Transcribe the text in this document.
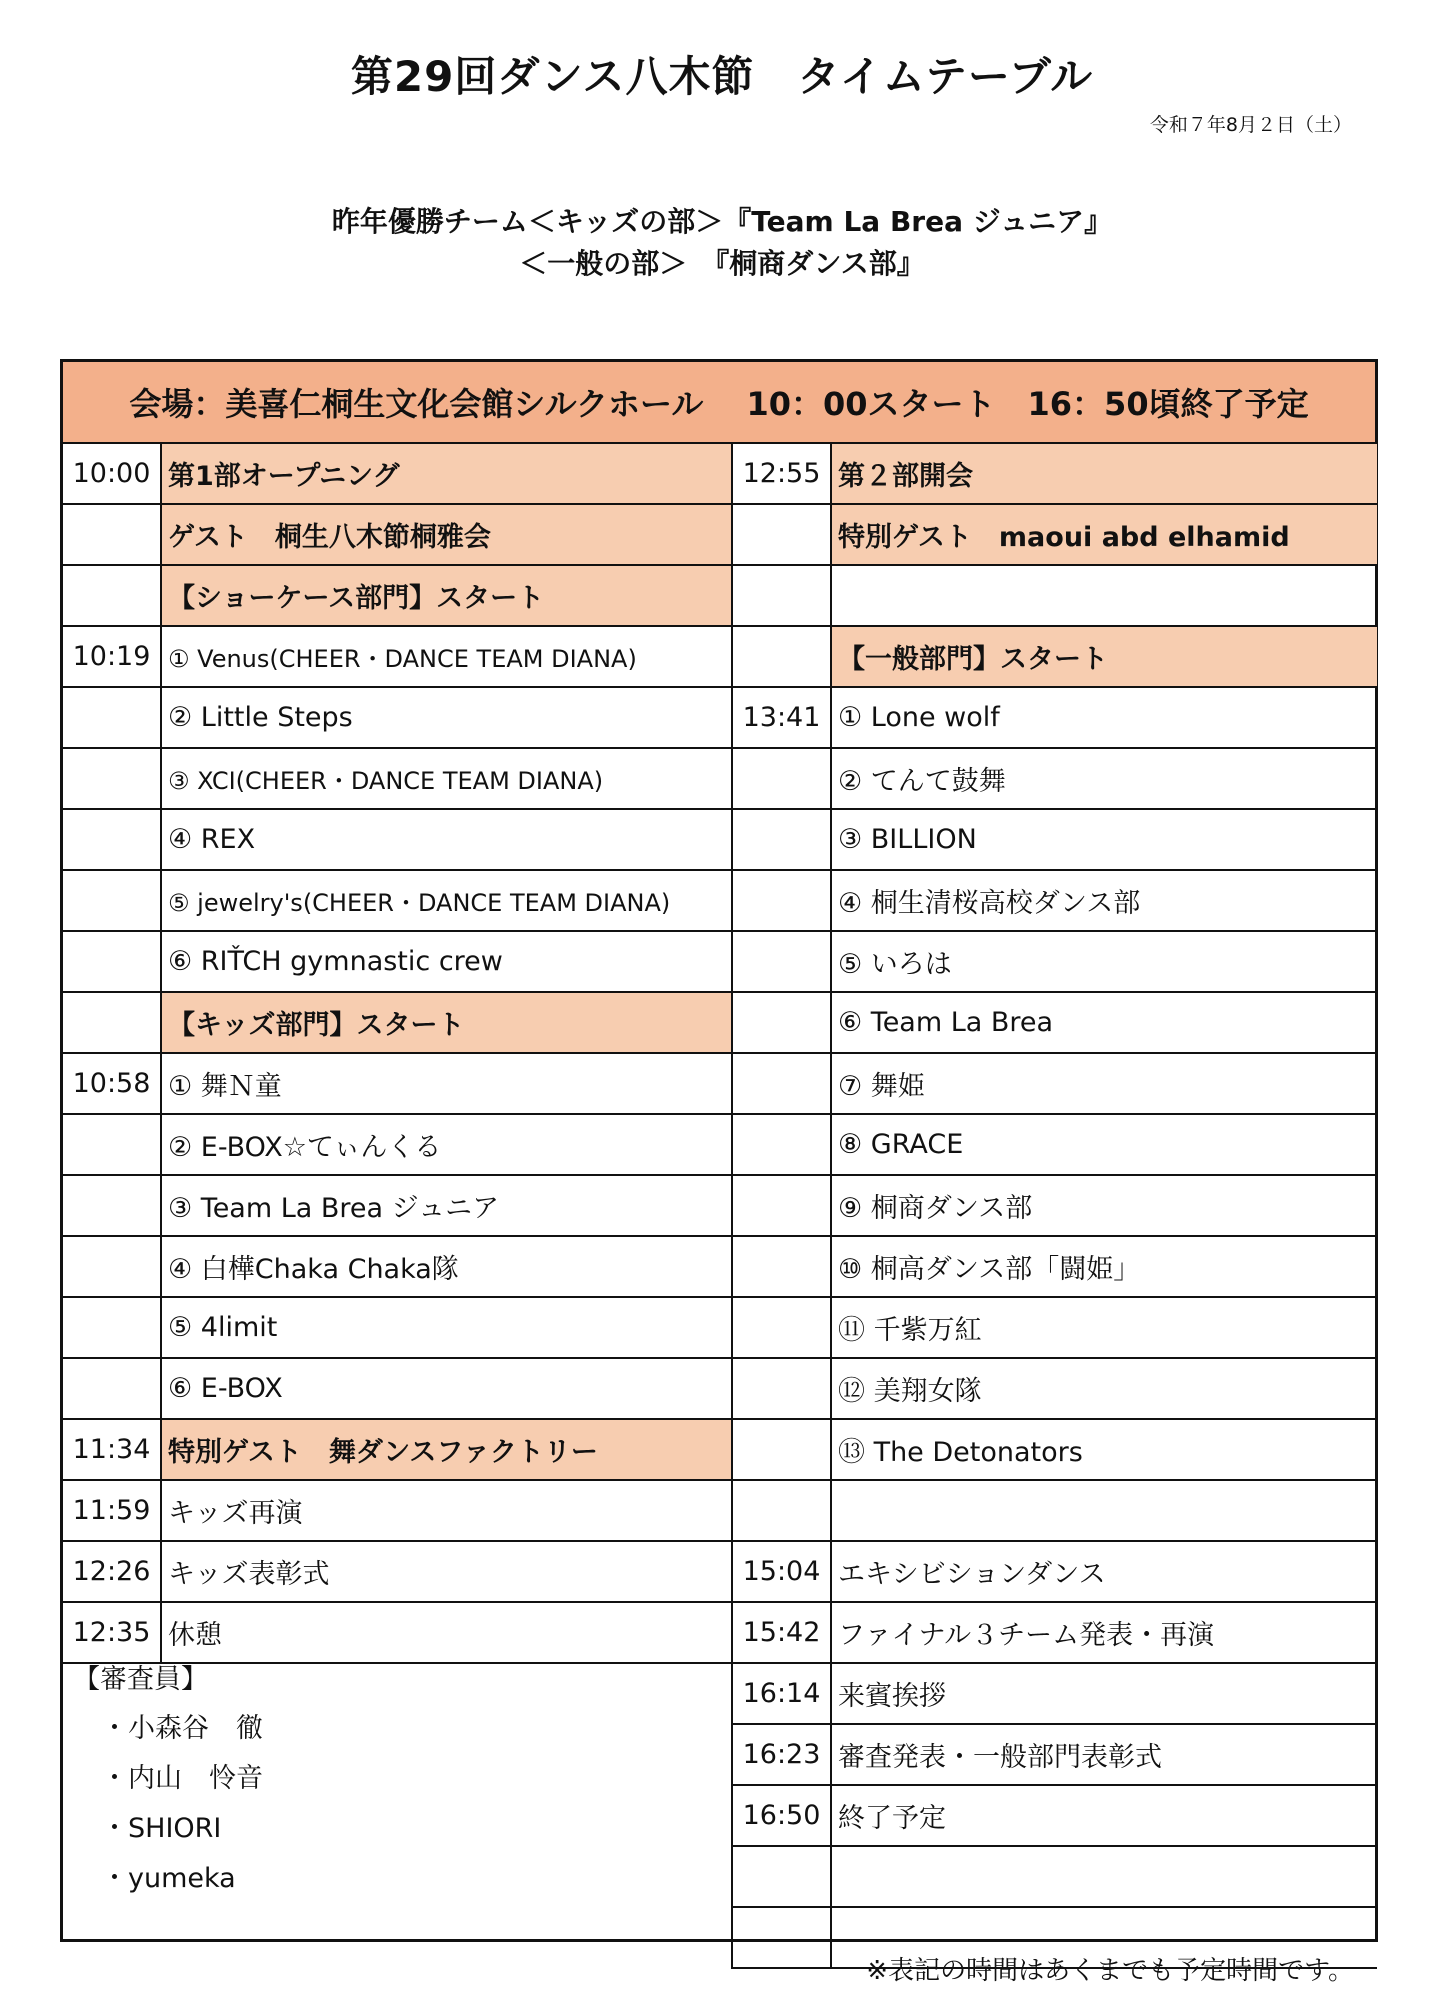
第29回ダンス八木節　タイムテーブル
令和７年8月２日（土）
昨年優勝チーム＜キッズの部＞『Team La Brea ジュニア』
＜一般の部＞　『桐商ダンス部』
会場：美喜仁桐生文化会館シルクホール　 10：00スタート　16：50頃終了予定
10:00 第1部オープニング
ゲスト　桐生八木節桐雅会
【ショーケース部門】スタート
10:19 ① Venus(CHEER・DANCE TEAM DIANA)
② Little Steps
③ XCI(CHEER・DANCE TEAM DIANA)
④ REX
⑤ jewelry's(CHEER・DANCE TEAM DIANA)
⑥ RIŤCH gymnastic crew
【キッズ部門】スタート
10:58 ① 舞Ｎ童
② E-BOX☆てぃんくる
③ Team La Brea ジュニア
④ 白樺Chaka Chaka隊
⑤ 4limit
⑥ E-BOX
11:34 特別ゲスト　舞ダンスファクトリー
11:59 キッズ再演
12:26 キッズ表彰式
12:35 休憩
12:55 第２部開会
特別ゲスト　maoui abd elhamid
【一般部門】スタート
13:41 ① Lone wolf
② てんて鼓舞
③ BILLION
④ 桐生清桜高校ダンス部
⑤ いろは
⑥ Team La Brea
⑦ 舞姫
⑧ GRACE
⑨ 桐商ダンス部
⑩ 桐高ダンス部「闘姫」
⑪ 千紫万紅
⑫ 美翔女隊
⑬ The Detonators
15:04 エキシビションダンス
15:42 ファイナル３チーム発表・再演
16:14 来賓挨拶
16:23 審査発表・一般部門表彰式
16:50 終了予定
【審査員】
・小森谷　徹
・内山　怜音
・SHIORI
・yumeka
※表記の時間はあくまでも予定時間です。
